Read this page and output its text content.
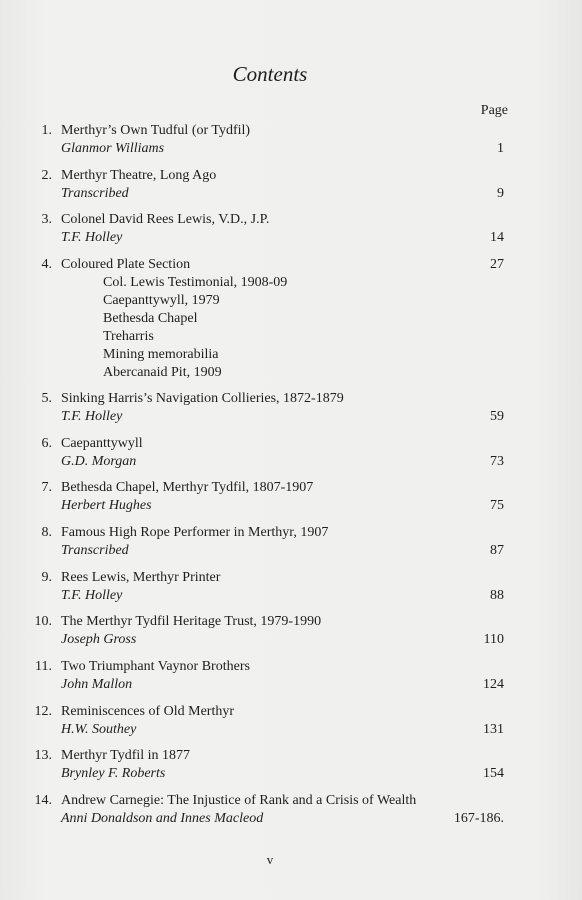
Contents
Page
1. Merthyr’s Own Tudful (or Tydfil)
Glanmor Williams	1
2. Merthyr Theatre, Long Ago
Transcribed	9
3. Colonel David Rees Lewis, V.D., J.P.
T.F. Holley	14
4. Coloured Plate Section	27
Col. Lewis Testimonial, 1908-09
Caepanttywyll, 1979
Bethesda Chapel
Treharris
Mining memorabilia
Abercanaid Pit, 1909
5. Sinking Harris’s Navigation Collieries, 1872-1879
T.F. Holley	59
6. Caepanttywyll
G.D. Morgan	73
7. Bethesda Chapel, Merthyr Tydfil, 1807-1907
Herbert Hughes	75
8. Famous High Rope Performer in Merthyr, 1907
Transcribed	87
9. Rees Lewis, Merthyr Printer
T.F. Holley	88
10. The Merthyr Tydfil Heritage Trust, 1979-1990
Joseph Gross	110
11. Two Triumphant Vaynor Brothers
John Mallon	124
12. Reminiscences of Old Merthyr
H.W. Southey	131
13. Merthyr Tydfil in 1877
Brynley F. Roberts	154
14. Andrew Carnegie: The Injustice of Rank and a Crisis of Wealth
Anni Donaldson and Innes Macleod	167-186.
v
